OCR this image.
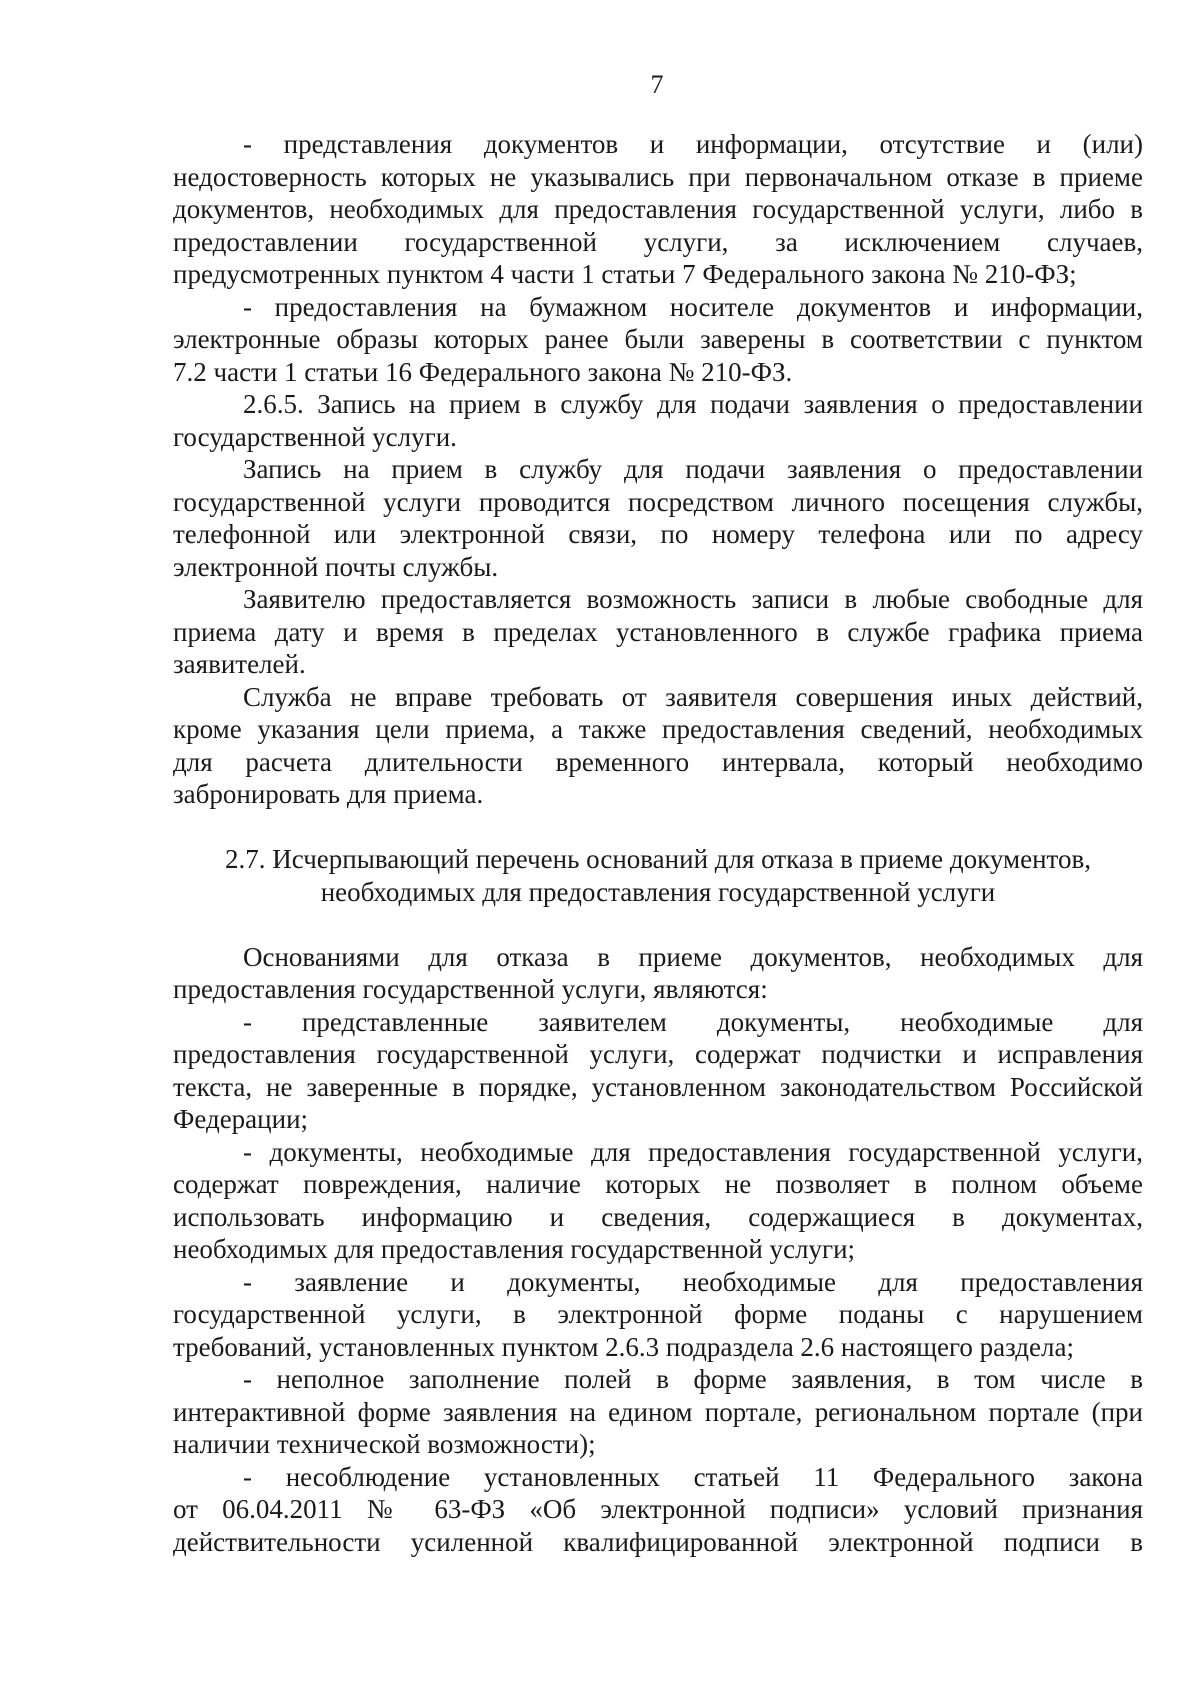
7
- представления документов и информации, отсутствие и (или)
недостоверность которых не указывались при первоначальном отказе в приеме
документов, необходимых для предоставления государственной услуги, либо в
предоставлении государственной услуги, за исключением случаев,
предусмотренных пунктом 4 части 1 статьи 7 Федерального закона № 210-ФЗ;
- предоставления на бумажном носителе документов и информации,
электронные образы которых ранее были заверены в соответствии с пунктом
7.2 части 1 статьи 16 Федерального закона № 210-ФЗ.
2.6.5. Запись на прием в службу для подачи заявления о предоставлении
государственной услуги.
Запись на прием в службу для подачи заявления о предоставлении
государственной услуги проводится посредством личного посещения службы,
телефонной или электронной связи, по номеру телефона или по адресу
электронной почты службы.
Заявителю предоставляется возможность записи в любые свободные для
приема дату и время в пределах установленного в службе графика приема
заявителей.
Служба не вправе требовать от заявителя совершения иных действий,
кроме указания цели приема, а также предоставления сведений, необходимых
для расчета длительности временного интервала, который необходимо
забронировать для приема.
2.7. Исчерпывающий перечень оснований для отказа в приеме документов,
необходимых для предоставления государственной услуги
Основаниями для отказа в приеме документов, необходимых для
предоставления государственной услуги, являются:
- представленные заявителем документы, необходимые для
предоставления государственной услуги, содержат подчистки и исправления
текста, не заверенные в порядке, установленном законодательством Российской
Федерации;
- документы, необходимые для предоставления государственной услуги,
содержат повреждения, наличие которых не позволяет в полном объеме
использовать информацию и сведения, содержащиеся в документах,
необходимых для предоставления государственной услуги;
- заявление и документы, необходимые для предоставления
государственной услуги, в электронной форме поданы с нарушением
требований, установленных пунктом 2.6.3 подраздела 2.6 настоящего раздела;
- неполное заполнение полей в форме заявления, в том числе в
интерактивной форме заявления на едином портале, региональном портале (при
наличии технической возможности);
- несоблюдение установленных статьей 11 Федерального закона
от 06.04.2011 № 63-ФЗ «Об электронной подписи» условий признания
действительности усиленной квалифицированной электронной подписи в
